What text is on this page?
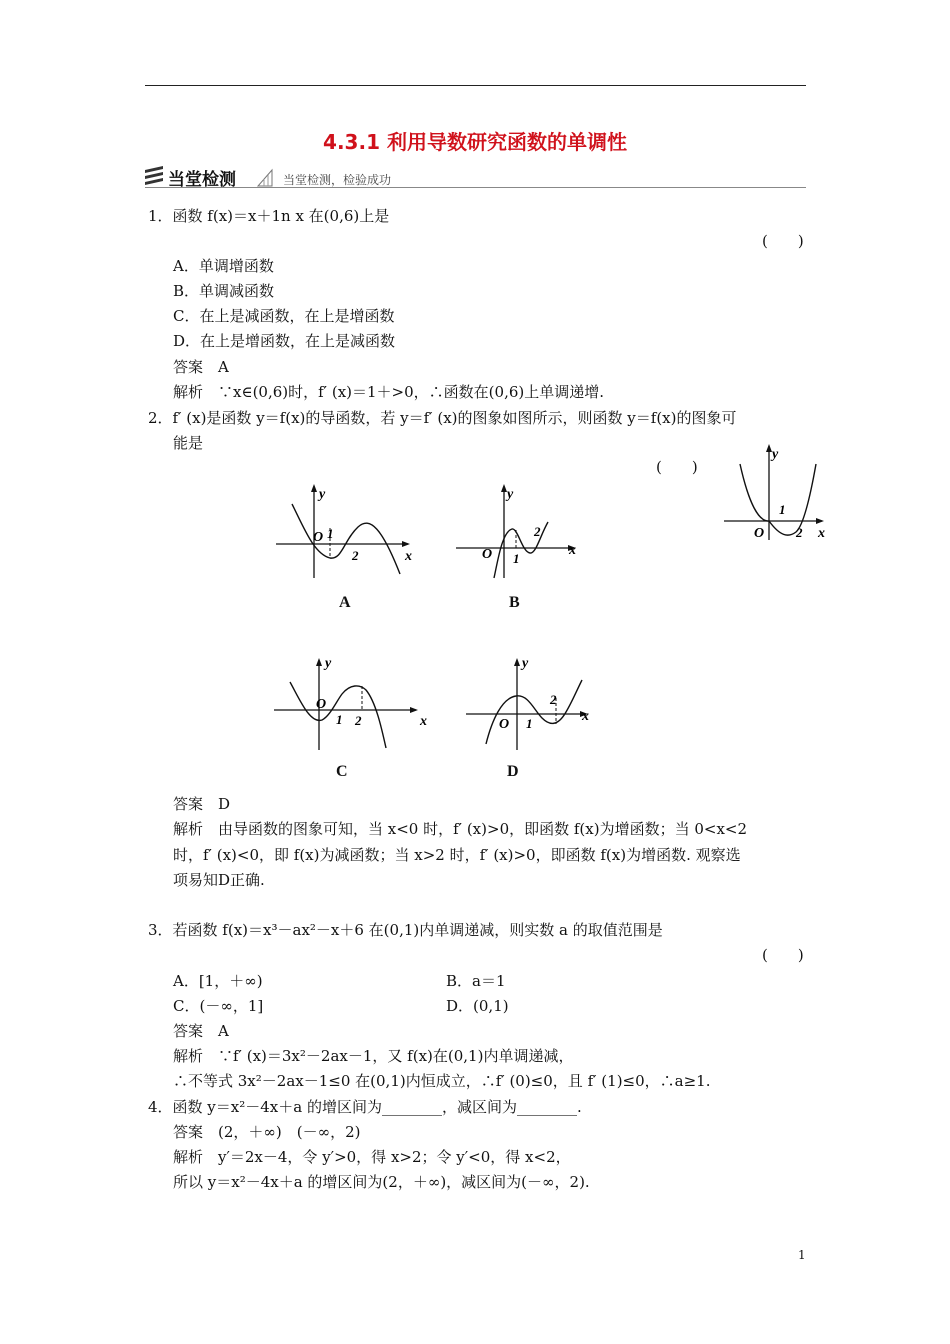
4.3.1 利用导数研究函数的单调性
当堂检测	当堂检测，检验成功
1．函数 f(x)＝x＋1n x 在(0,6)上是
(　　)
A．单调增函数
B．单调减函数
C．在上是减函数，在上是增函数
D．在上是增函数，在上是减函数
答案　A
解析　∵x∈(0,6)时，f′ (x)＝1＋>0，∴函数在(0,6)上单调递增.
2．f′ (x)是函数 y＝f(x)的导函数，若 y＝f′ (x)的图象如图所示，则函数 y＝f(x)的图象可
能是
(　　)
y
x
O
1
2
y
x
O 1
2
A
y
x
O 1
2
B
y
x
O
1 2
C
y
x
O 1
2
D
答案　D
解析　由导函数的图象可知，当 x<0 时，f′ (x)>0，即函数 f(x)为增函数；当 0<x<2
时，f′ (x)<0，即 f(x)为减函数；当 x>2 时，f′ (x)>0，即函数 f(x)为增函数. 观察选
项易知D正确.
3．若函数 f(x)＝x³－ax²－x＋6 在(0,1)内单调递减，则实数 a 的取值范围是
(　　)
A．[1，＋∞)	B．a＝1
C．(－∞，1]	D．(0,1)
答案　A
解析　∵f′ (x)＝3x²－2ax－1，又 f(x)在(0,1)内单调递减，
∴不等式 3x²－2ax－1≤0 在(0,1)内恒成立，∴f′ (0)≤0，且 f′ (1)≤0，∴a≥1.
4．函数 y＝x²－4x＋a 的增区间为________，减区间为________.
答案　(2，＋∞)　(－∞，2)
解析　y′＝2x－4，令 y′>0，得 x>2；令 y′<0，得 x<2，
所以 y＝x²－4x＋a 的增区间为(2，＋∞)，减区间为(－∞，2).
1
